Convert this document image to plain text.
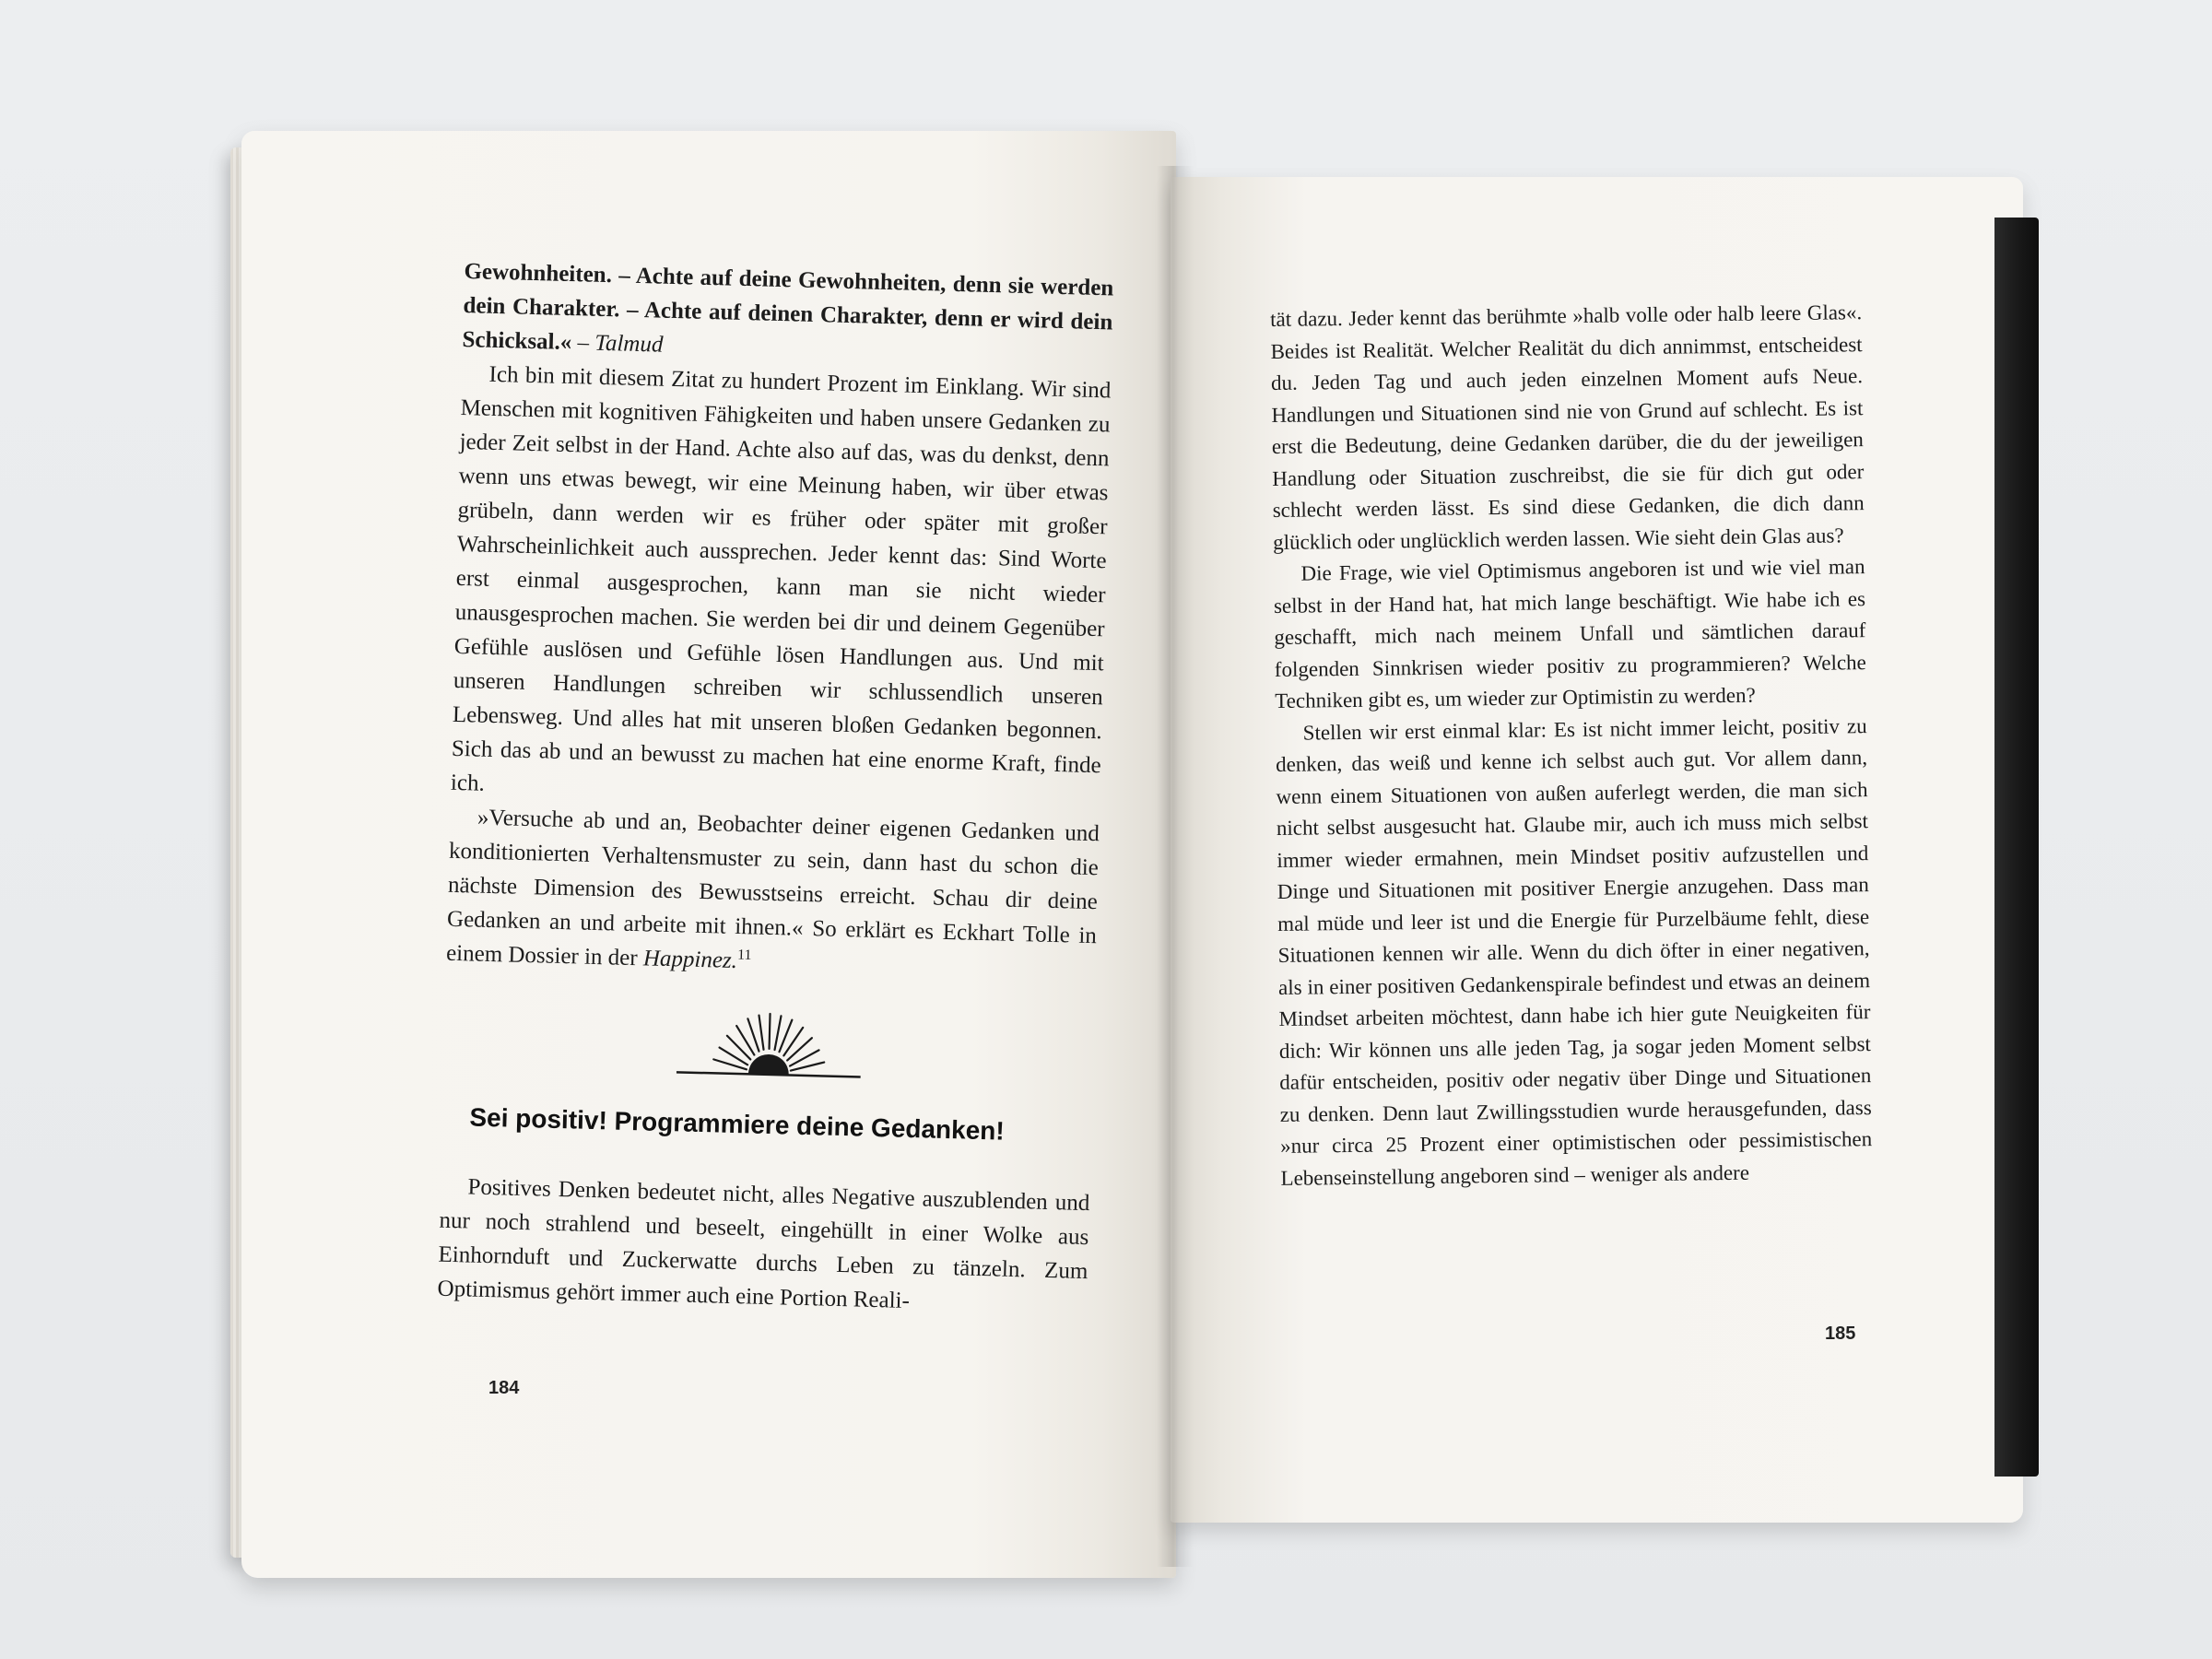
Gewohnheiten. – Achte auf deine Gewohnheiten, denn sie werden dein Charakter. – Achte auf deinen Charakter, denn er wird dein Schicksal.« – Talmud

Ich bin mit diesem Zitat zu hundert Prozent im Einklang. Wir sind Menschen mit kognitiven Fähigkeiten und haben unsere Gedanken zu jeder Zeit selbst in der Hand. Achte also auf das, was du denkst, denn wenn uns etwas bewegt, wir eine Meinung haben, wir über etwas grübeln, dann werden wir es früher oder später mit großer Wahrscheinlichkeit auch aussprechen. Jeder kennt das: Sind Worte erst einmal ausgesprochen, kann man sie nicht wieder unausgesprochen machen. Sie werden bei dir und deinem Gegenüber Gefühle auslösen und Gefühle lösen Handlungen aus. Und mit unseren Handlungen schreiben wir schlussendlich unseren Lebensweg. Und alles hat mit unseren bloßen Gedanken begonnen. Sich das ab und an bewusst zu machen hat eine enorme Kraft, finde ich.

»Versuche ab und an, Beobachter deiner eigenen Gedanken und konditionierten Verhaltensmuster zu sein, dann hast du schon die nächste Dimension des Bewusstseins erreicht. Schau dir deine Gedanken an und arbeite mit ihnen.« So erklärt es Eckhart Tolle in einem Dossier in der Happinez.$^{11}$

Sei positiv! Programmiere deine Gedanken!

Positives Denken bedeutet nicht, alles Negative auszublenden und nur noch strahlend und beseelt, eingehüllt in einer Wolke aus Einhornduft und Zuckerwatte durchs Leben zu tänzeln. Zum Optimismus gehört immer auch eine Portion Reali-

tät dazu. Jeder kennt das berühmte »halb volle oder halb leere Glas«. Beides ist Realität. Welcher Realität du dich annimmst, entscheidest du. Jeden Tag und auch jeden einzelnen Moment aufs Neue. Handlungen und Situationen sind nie von Grund auf schlecht. Es ist erst die Bedeutung, deine Gedanken darüber, die du der jeweiligen Handlung oder Situation zuschreibst, die sie für dich gut oder schlecht werden lässt. Es sind diese Gedanken, die dich dann glücklich oder unglücklich werden lassen. Wie sieht dein Glas aus?

Die Frage, wie viel Optimismus angeboren ist und wie viel man selbst in der Hand hat, hat mich lange beschäftigt. Wie habe ich es geschafft, mich nach meinem Unfall und sämtlichen darauf folgenden Sinnkrisen wieder positiv zu programmieren? Welche Techniken gibt es, um wieder zur Optimistin zu werden?

Stellen wir erst einmal klar: Es ist nicht immer leicht, positiv zu denken, das weiß und kenne ich selbst auch gut. Vor allem dann, wenn einem Situationen von außen auferlegt werden, die man sich nicht selbst ausgesucht hat. Glaube mir, auch ich muss mich selbst immer wieder ermahnen, mein Mindset positiv aufzustellen und Dinge und Situationen mit positiver Energie anzugehen. Dass man mal müde und leer ist und die Energie für Purzelbäume fehlt, diese Situationen kennen wir alle. Wenn du dich öfter in einer negativen, als in einer positiven Gedankenspirale befindest und etwas an deinem Mindset arbeiten möchtest, dann habe ich hier gute Neuigkeiten für dich: Wir können uns alle jeden Tag, ja sogar jeden Moment selbst dafür entscheiden, positiv oder negativ über Dinge und Situationen zu denken. Denn laut Zwillingsstudien wurde herausgefunden, dass »nur circa 25 Prozent einer optimistischen oder pessimistischen Lebenseinstellung angeboren sind – weniger als andere

184
185
